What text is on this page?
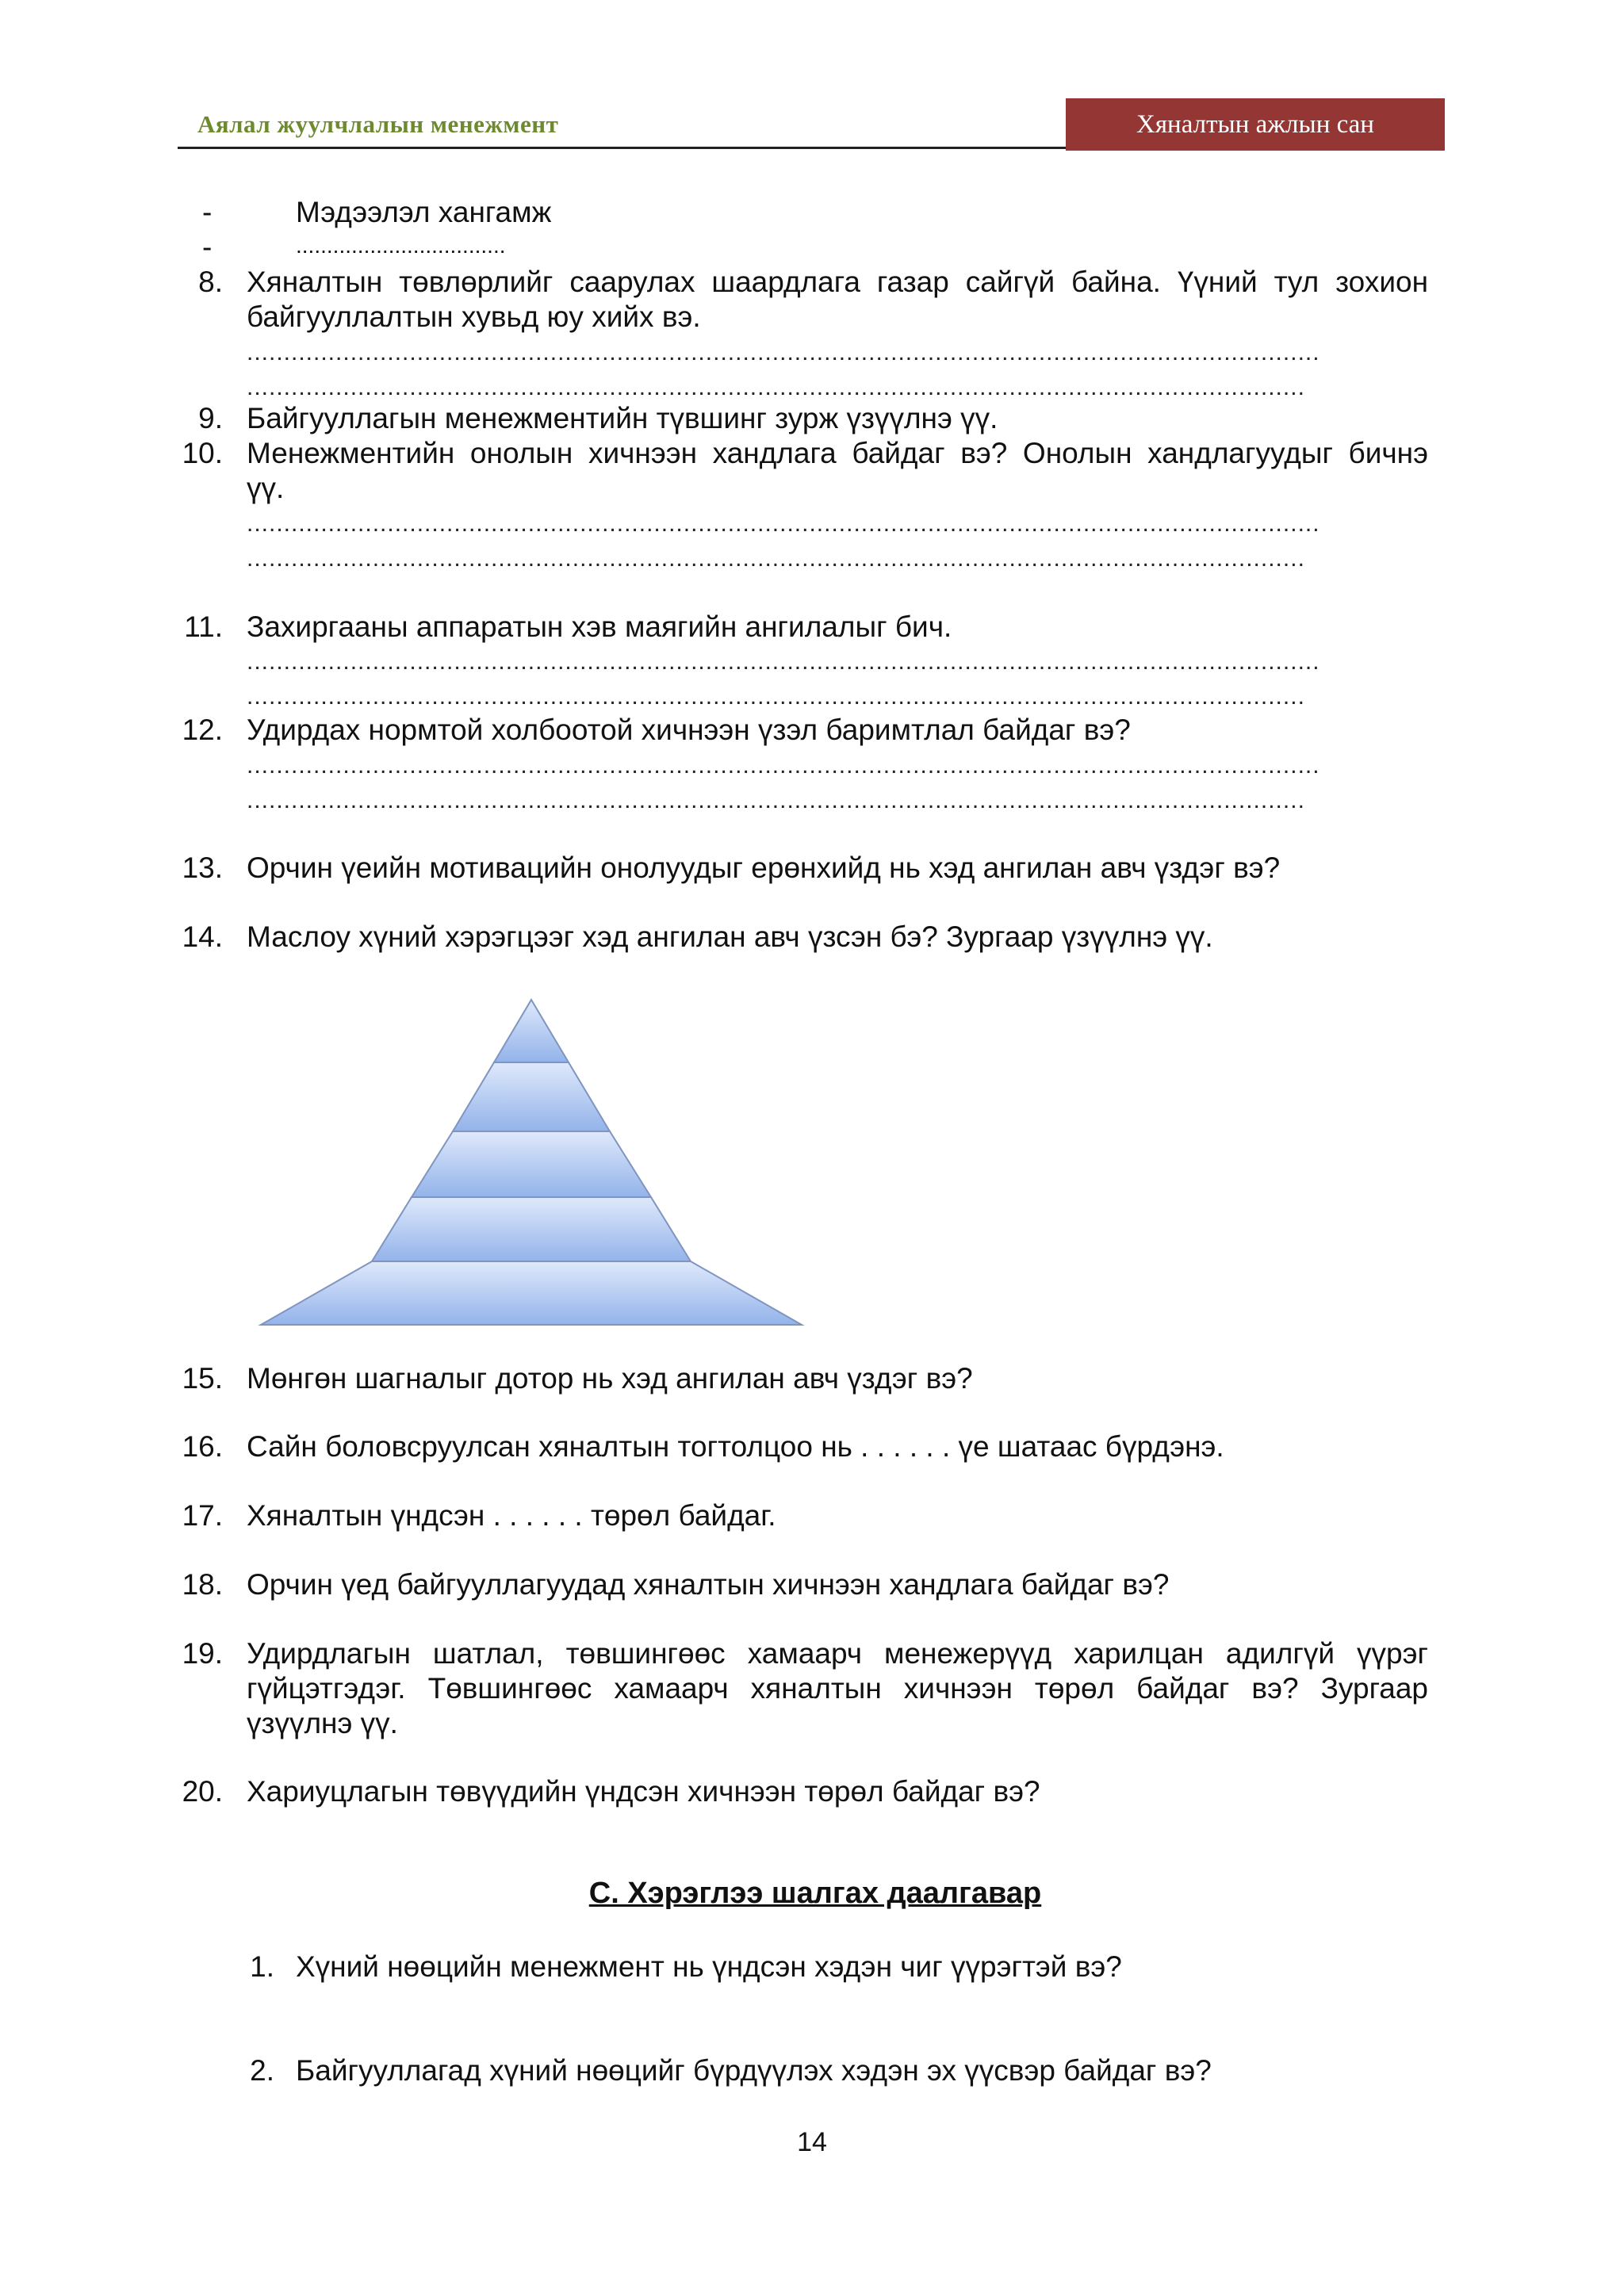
Аялал жуулчлалын менежмент	Хяналтын ажлын сан
-	Мэдээлэл хангамж
-	..................................
8. Хяналтын төвлөрлийг саарулах шаардлага газар сайгүй байна. Үүний тул зохион
байгууллалтын хувьд юу хийх вэ.
.................................................................................................................................................
...............................................................................................................................................
9. Байгууллагын менежментийн түвшинг зурж үзүүлнэ үү.
10. Менежментийн онолын хичнээн хандлага байдаг вэ? Онолын хандлагуудыг бичнэ
үү.
.................................................................................................................................................
...............................................................................................................................................
11. Захиргааны аппаратын хэв маягийн ангилалыг бич.
.................................................................................................................................................
...............................................................................................................................................
12. Удирдах нормтой холбоотой хичнээн үзэл баримтлал байдаг вэ?
.................................................................................................................................................
...............................................................................................................................................
13. Орчин үеийн мотивацийн онолуудыг ерөнхийд нь хэд ангилан авч үздэг вэ?
14. Маслоу хүний хэрэгцээг хэд ангилан авч үзсэн бэ? Зургаар үзүүлнэ үү.
15. Мөнгөн шагналыг дотор нь хэд ангилан авч үздэг вэ?
16. Сайн боловсруулсан хяналтын тогтолцоо нь . . . . . . үе шатаас бүрдэнэ.
17. Хяналтын үндсэн . . . . . . төрөл байдаг.
18. Орчин үед байгууллагуудад хяналтын хичнээн хандлага байдаг вэ?
19. Удирдлагын шатлал, төвшингөөс хамаарч менежерүүд харилцан адилгүй үүрэг
гүйцэтгэдэг. Төвшингөөс хамаарч хяналтын хичнээн төрөл байдаг вэ? Зургаар
үзүүлнэ үү.
20. Хариуцлагын төвүүдийн үндсэн хичнээн төрөл байдаг вэ?
С. Хэрэглээ шалгах даалгавар
1. Хүний нөөцийн менежмент нь үндсэн хэдэн чиг үүрэгтэй вэ?
2. Байгууллагад хүний нөөцийг бүрдүүлэх хэдэн эх үүсвэр байдаг вэ?
14
